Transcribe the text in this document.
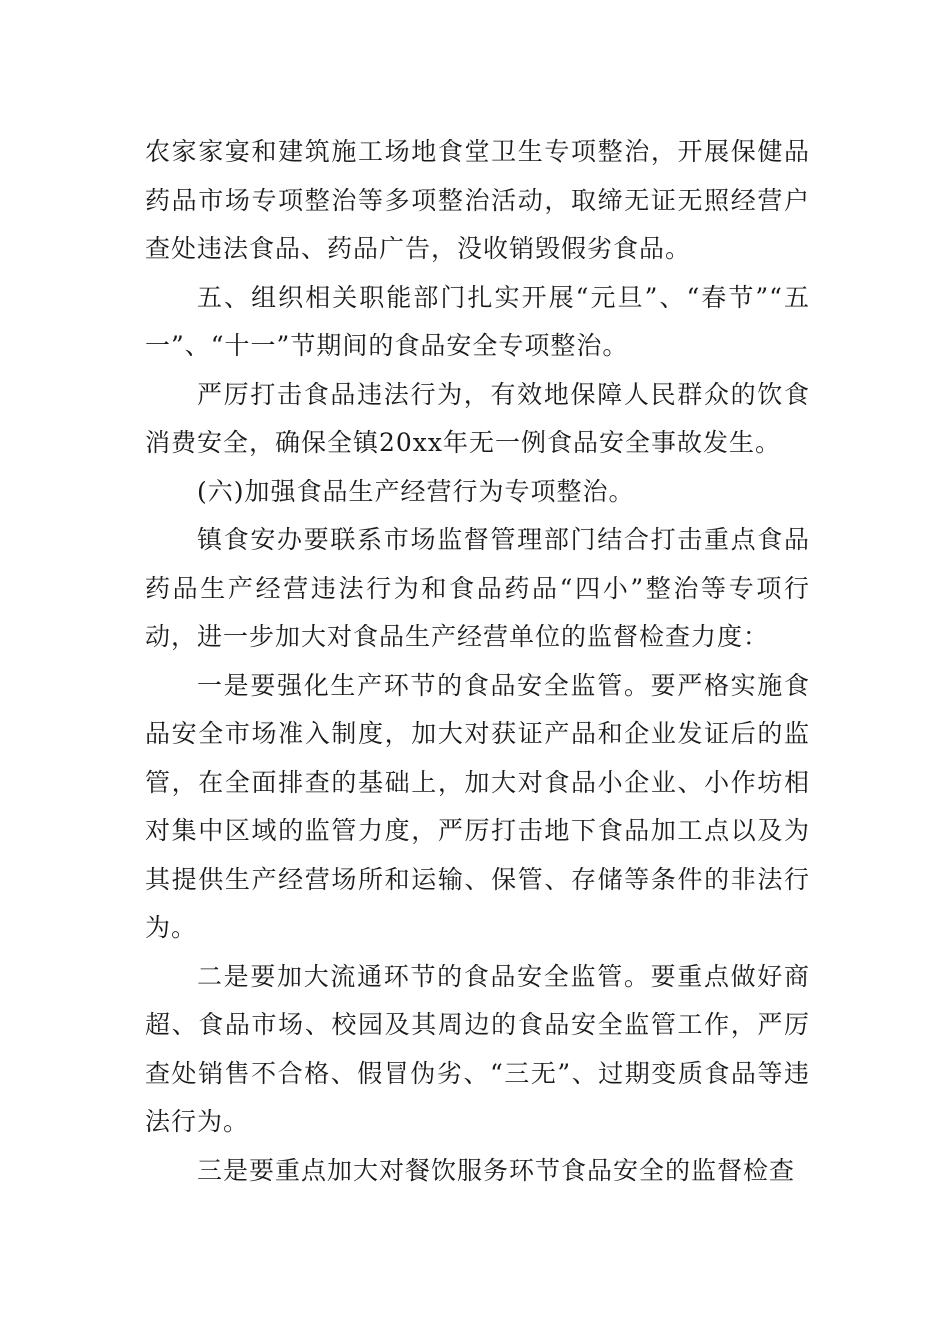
农家家宴和建筑施工场地食堂卫生专项整治，开展保健品药品市场专项整治等多项整治活动，取缔无证无照经营户查处违法食品、药品广告，没收销毁假劣食品。

五、组织相关职能部门扎实开展“元旦”、“春节”“五一”、“十一”节期间的食品安全专项整治。

严厉打击食品违法行为，有效地保障人民群众的饮食消费安全，确保全镇20xx年无一例食品安全事故发生。

(六)加强食品生产经营行为专项整治。

镇食安办要联系市场监督管理部门结合打击重点食品药品生产经营违法行为和食品药品“四小”整治等专项行动，进一步加大对食品生产经营单位的监督检查力度：

一是要强化生产环节的食品安全监管。要严格实施食品安全市场准入制度，加大对获证产品和企业发证后的监管，在全面排查的基础上，加大对食品小企业、小作坊相对集中区域的监管力度，严厉打击地下食品加工点以及为其提供生产经营场所和运输、保管、存储等条件的非法行为。

二是要加大流通环节的食品安全监管。要重点做好商超、食品市场、校园及其周边的食品安全监管工作，严厉查处销售不合格、假冒伪劣、“三无”、过期变质食品等违法行为。

三是要重点加大对餐饮服务环节食品安全的监督检查
